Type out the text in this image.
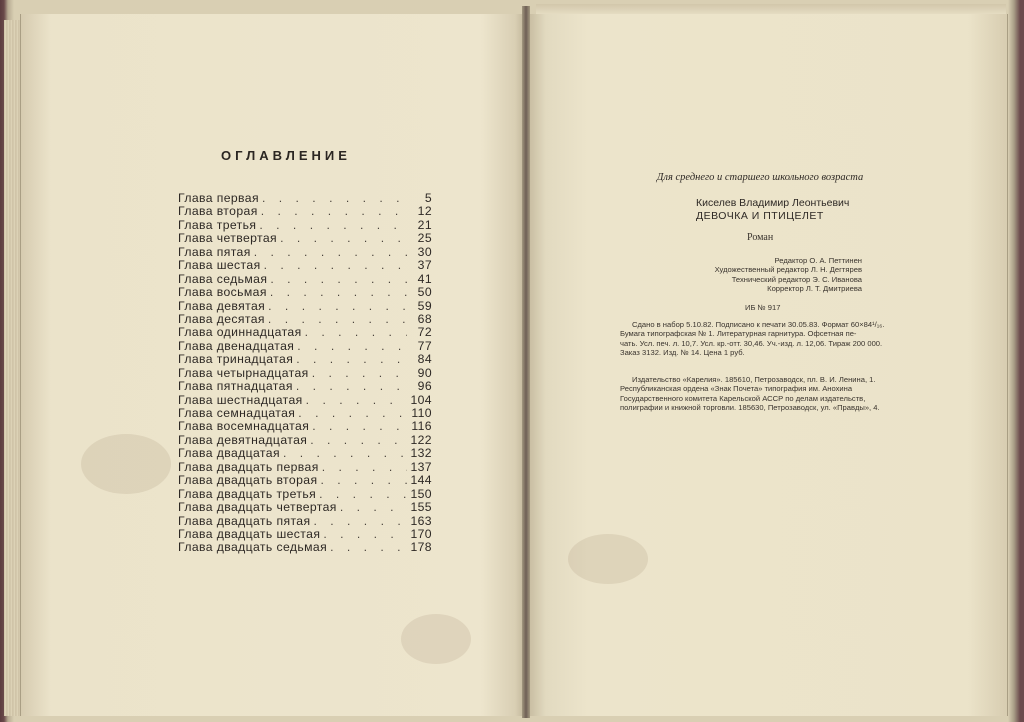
ОГЛАВЛЕНИЕ
Глава первая . . .	5
Глава вторая . . .	12
Глава третья . . .	21
Глава четвертая . . .	25
Глава пятая . . .	30
Глава шестая . . .	37
Глава седьмая . . .	41
Глава восьмая . . .	50
Глава девятая . . .	59
Глава десятая . . .	68
Глава одиннадцатая . . .	72
Глава двенадцатая . . .	77
Глава тринадцатая . . .	84
Глава четырнадцатая . . .	90
Глава пятнадцатая . . .	96
Глава шестнадцатая . . .	104
Глава семнадцатая . . .	110
Глава восемнадцатая . . .	116
Глава девятнадцатая . . .	122
Глава двадцатая . . .	132
Глава двадцать первая . . .	137
Глава двадцать вторая . . .	144
Глава двадцать третья . . .	150
Глава двадцать четвертая . . .	155
Глава двадцать пятая . . .	163
Глава двадцать шестая . . .	170
Глава двадцать седьмая . . .	178
Для среднего и старшего школьного возраста
Киселев Владимир Леонтьевич
ДЕВОЧКА И ПТИЦЕЛЕТ
Роман
Редактор О. А. Петтинен
Художественный редактор Л. Н. Дегтярев
Технический редактор Э. С. Иванова
Корректор Л. Т. Дмитриева
ИБ № 917
Сдано в набор 5.10.82. Подписано к печати 30.05.83. Формат 60×84¹/₁₆.
Бумага типографская № 1. Литературная гарнитура. Офсетная пе-
чать. Усл. печ. л. 10,7. Усл. кр.-отт. 30,46. Уч.-изд. л. 12,06. Тираж 200 000.
Заказ 3132. Изд. № 14. Цена 1 руб.
Издательство «Карелия». 185610, Петрозаводск, пл. В. И. Ленина, 1.
Республиканская ордена «Знак Почета» типография им. Анохина
Государственного комитета Карельской АССР по делам издательств,
полиграфии и книжной торговли. 185630, Петрозаводск, ул. «Правды», 4.
